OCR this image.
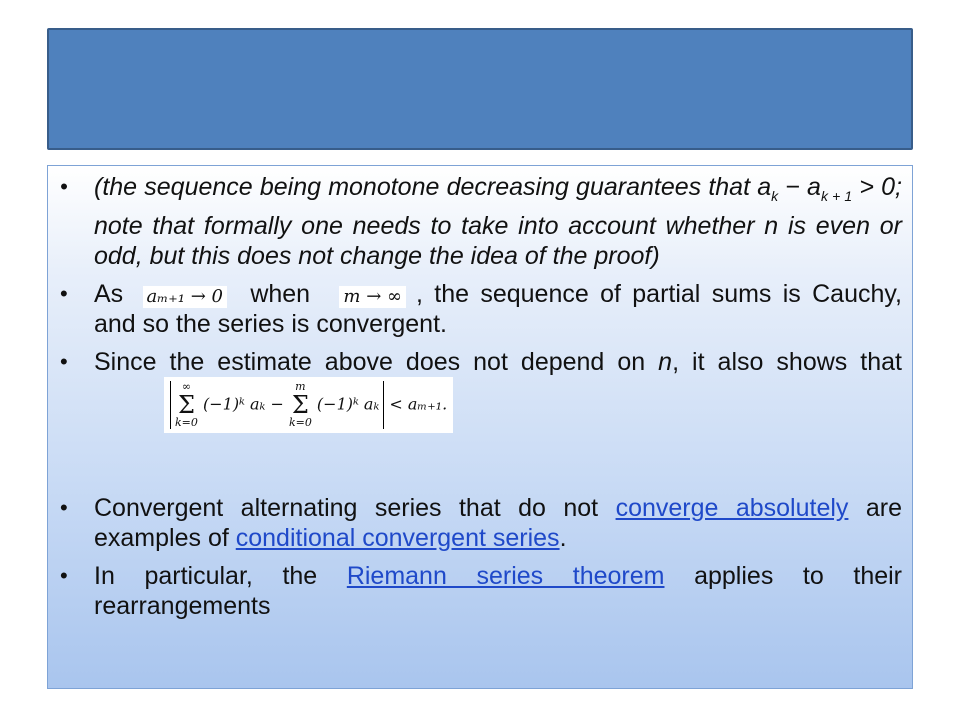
• (the sequence being monotone decreasing guarantees that $a_k - a_{k + 1} > 0$; note that formally one needs to take into account whether n is even or odd, but this does not change the idea of the proof)
• As aₘ₊₁ → 0 when m → ∞ , the sequence of partial sums is Cauchy, and so the series is convergent.
• Since the estimate above does not depend on n, it also shows that
∞
Σ
k=0
(−1)ᵏ aₖ −
m
Σ
k=0
(−1)ᵏ aₖ < aₘ₊₁.
• Convergent alternating series that do not converge absolutely are examples of conditional convergent series.
• In particular, the Riemann series theorem applies to their rearrangements
